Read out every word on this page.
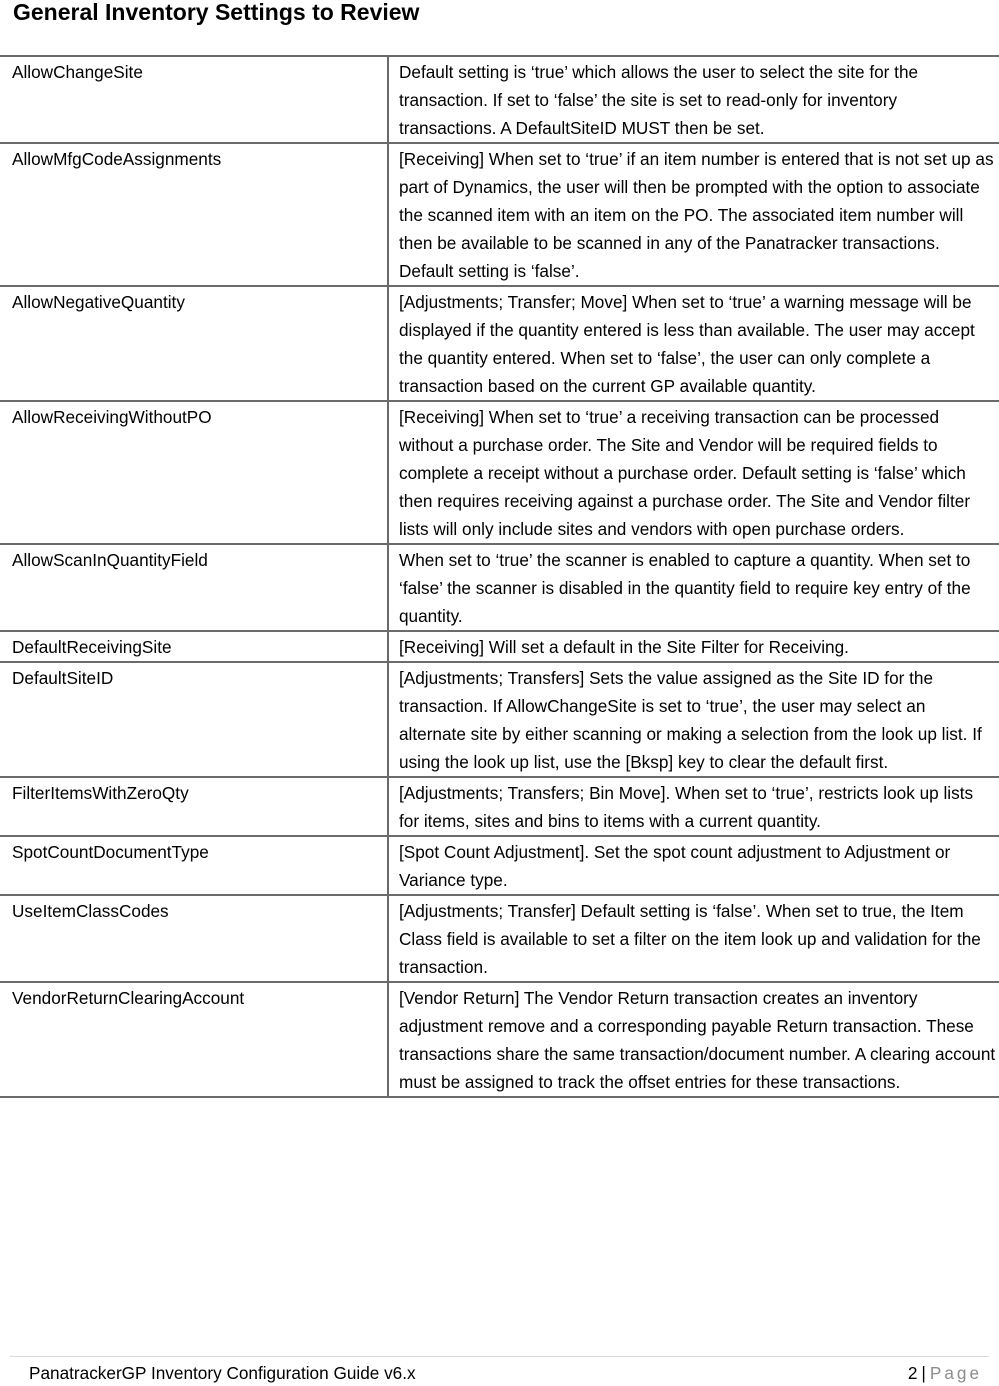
General Inventory Settings to Review
AllowChangeSite	Default setting is ‘true’ which allows the user to select the site for the transaction. If set to ‘false’ the site is set to read-only for inventory transactions. A DefaultSiteID MUST then be set.
AllowMfgCodeAssignments	[Receiving] When set to ‘true’ if an item number is entered that is not set up as part of Dynamics, the user will then be prompted with the option to associate the scanned item with an item on the PO. The associated item number will then be available to be scanned in any of the Panatracker transactions. Default setting is ‘false’.
AllowNegativeQuantity	[Adjustments; Transfer; Move] When set to ‘true’ a warning message will be displayed if the quantity entered is less than available. The user may accept the quantity entered. When set to ‘false’, the user can only complete a transaction based on the current GP available quantity.
AllowReceivingWithoutPO	[Receiving] When set to ‘true’ a receiving transaction can be processed without a purchase order. The Site and Vendor will be required fields to complete a receipt without a purchase order. Default setting is ‘false’ which then requires receiving against a purchase order. The Site and Vendor filter lists will only include sites and vendors with open purchase orders.
AllowScanInQuantityField	When set to ‘true’ the scanner is enabled to capture a quantity. When set to ‘false’ the scanner is disabled in the quantity field to require key entry of the quantity.
DefaultReceivingSite	[Receiving] Will set a default in the Site Filter for Receiving.
DefaultSiteID	[Adjustments; Transfers] Sets the value assigned as the Site ID for the transaction. If AllowChangeSite is set to ‘true’, the user may select an alternate site by either scanning or making a selection from the look up list. If using the look up list, use the [Bksp] key to clear the default first.
FilterItemsWithZeroQty	[Adjustments; Transfers; Bin Move]. When set to ‘true’, restricts look up lists for items, sites and bins to items with a current quantity.
SpotCountDocumentType	[Spot Count Adjustment]. Set the spot count adjustment to Adjustment or Variance type.
UseItemClassCodes	[Adjustments; Transfer] Default setting is ‘false’. When set to true, the Item Class field is available to set a filter on the item look up and validation for the transaction.
VendorReturnClearingAccount	[Vendor Return] The Vendor Return transaction creates an inventory adjustment remove and a corresponding payable Return transaction. These transactions share the same transaction/document number. A clearing account must be assigned to track the offset entries for these transactions.
PanatrackerGP Inventory Configuration Guide v6.x	2 | Page
